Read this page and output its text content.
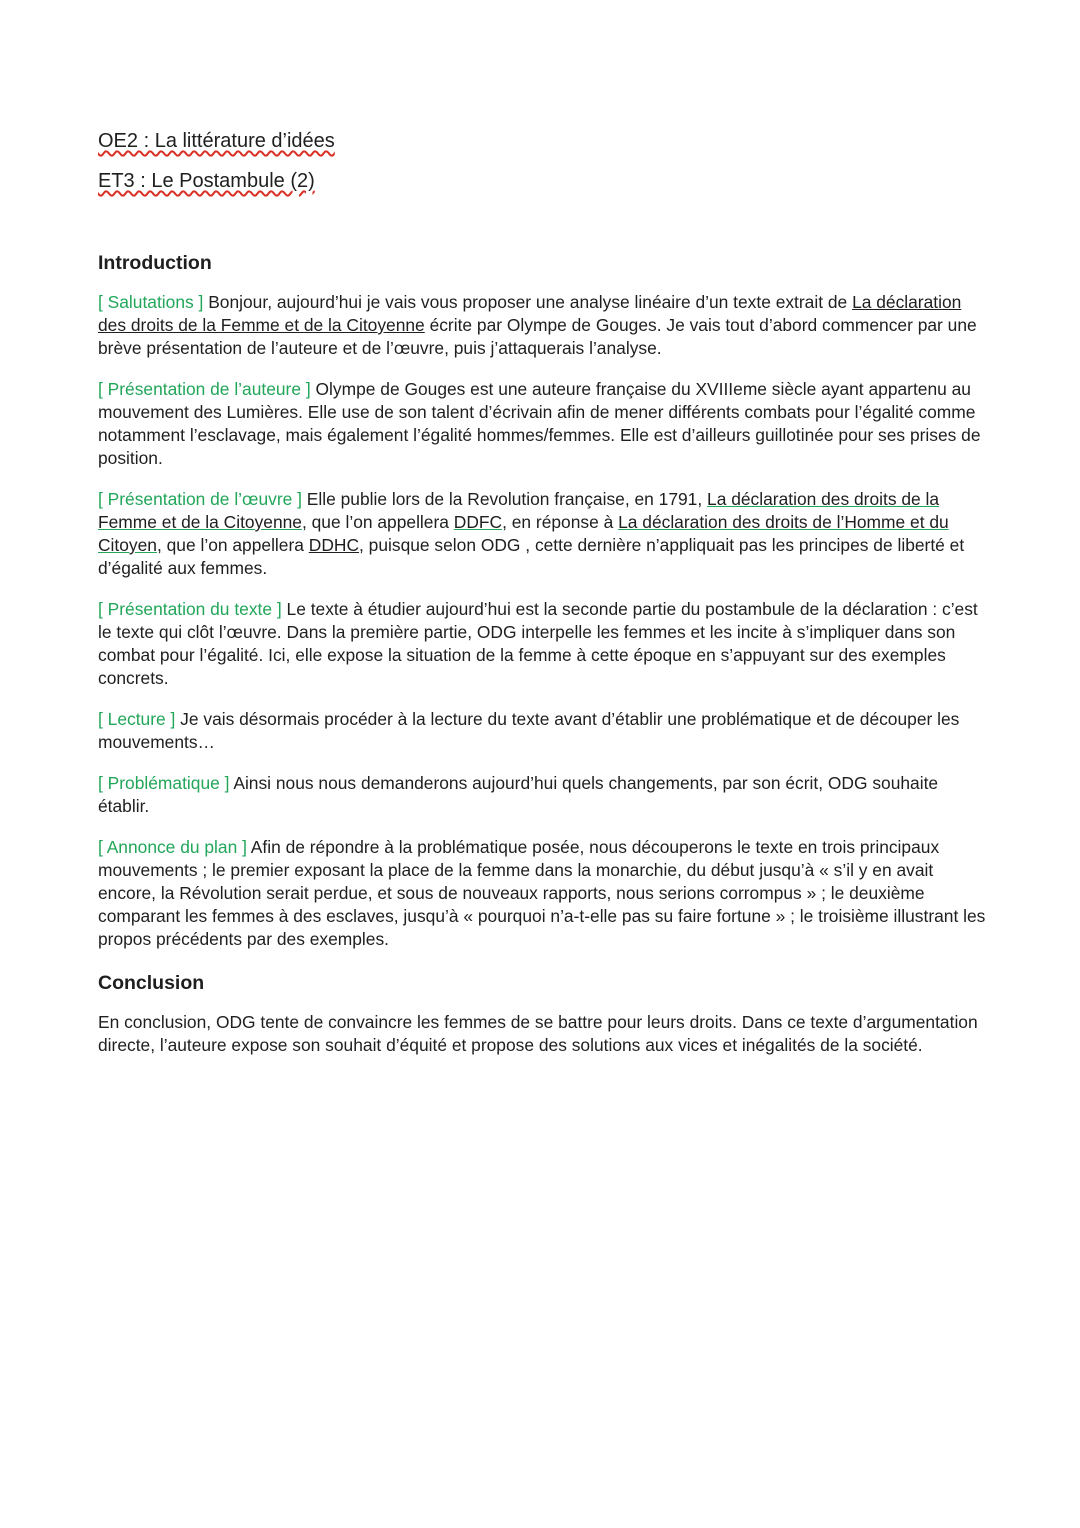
OE2 : La littérature d’idées
ET3 : Le Postambule (2)
Introduction

[ Salutations ] Bonjour, aujourd’hui je vais vous proposer une analyse linéaire d’un texte extrait de La déclaration des droits de la Femme et de la Citoyenne écrite par Olympe de Gouges. Je vais tout d’abord commencer par une brève présentation de l’auteure et de l’œuvre, puis j’attaquerais l’analyse.

[ Présentation de l’auteure ] Olympe de Gouges est une auteure française du XVIIIeme siècle ayant appartenu au mouvement des Lumières. Elle use de son talent d’écrivain afin de mener différents combats pour l’égalité comme notamment l’esclavage, mais également l’égalité hommes/femmes. Elle est d’ailleurs guillotinée pour ses prises de position.

[ Présentation de l’œuvre ] Elle publie lors de la Revolution française, en 1791, La déclaration des droits de la Femme et de la Citoyenne, que l’on appellera DDFC, en réponse à La déclaration des droits de l’Homme et du Citoyen, que l’on appellera DDHC, puisque selon ODG , cette dernière n’appliquait pas les principes de liberté et d’égalité aux femmes.

[ Présentation du texte ] Le texte à étudier aujourd’hui est la seconde partie du postambule de la déclaration : c’est le texte qui clôt l’œuvre. Dans la première partie, ODG interpelle les femmes et les incite à s’impliquer dans son combat pour l’égalité. Ici, elle expose la situation de la femme à cette époque en s’appuyant sur des exemples concrets.

[ Lecture ] Je vais désormais procéder à la lecture du texte avant d’établir une problématique et de découper les mouvements…

[ Problématique ] Ainsi nous nous demanderons aujourd’hui quels changements, par son écrit, ODG souhaite établir.

[ Annonce du plan ] Afin de répondre à la problématique posée, nous découperons le texte en trois principaux mouvements ; le premier exposant la place de la femme dans la monarchie, du début jusqu’à « s’il y en avait encore, la Révolution serait perdue, et sous de nouveaux rapports, nous serions corrompus » ; le deuxième comparant les femmes à des esclaves, jusqu’à « pourquoi n’a-t-elle pas su faire fortune » ; le troisième illustrant les propos précédents par des exemples.

Conclusion

En conclusion, ODG tente de convaincre les femmes de se battre pour leurs droits. Dans ce texte d’argumentation directe, l’auteure expose son souhait d’équité et propose des solutions aux vices et inégalités de la société.
